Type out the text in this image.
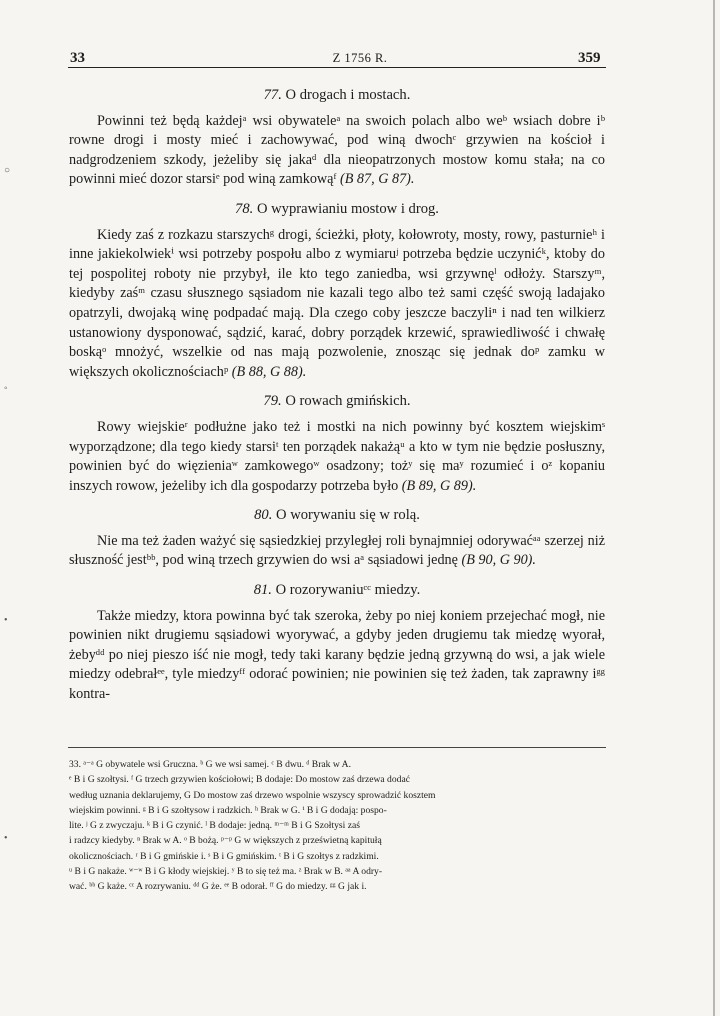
33	Z 1756 R.	359
77. O drogach i mostach.

Powinni też będą każdejᵃ wsi obywateleᵃ na swoich polach albo weᵇ wsiach dobre iᵇ rowne drogi i mosty mieć i zachowywać, pod winą dwochᶜ grzywien na kościoł i nadgrodzeniem szkody, jeżeliby się jakaᵈ dla nieopatrzonych mostow komu stała; na co powinni mieć dozor starsiᵉ pod winą zamkowąᶠ (B 87, G 87).

78. O wyprawianiu mostow i drog.

Kiedy zaś z rozkazu starszychᵍ drogi, ścieżki, płoty, kołowroty, mosty, rowy, pasturnieʰ i inne jakiekolwiekⁱ wsi potrzeby pospołu albo z wymiaruʲ potrzeba będzie uczynićᵏ, ktoby do tej pospolitej roboty nie przybył, ile kto tego zaniedba, wsi grzywnęˡ odłoży. Starszyᵐ, kiedyby zaśᵐ czasu słusznego sąsiadom nie kazali tego albo też sami część swoją ladajako opatrzyli, dwojaką winę podpadać mają. Dla czego coby jeszcze baczyliⁿ i nad ten wilkierz ustanowiony dysponować, sądzić, karać, dobry porządek krzewić, sprawiedliwość i chwałę boskąᵒ mnożyć, wszelkie od nas mają pozwolenie, znosząc się jednak doᵖ zamku w większych okolicznościachᵖ (B 88, G 88).

79. O rowach gmińskich.

Rowy wiejskieʳ podłużne jako też i mostki na nich powinny być kosztem wiejskimˢ wyporządzone; dla tego kiedy starsiᵗ ten porządek nakażąᵘ a kto w tym nie będzie posłuszny, powinien być do więzieniaʷ zamkowegoʷ osadzony; tożʸ się maʸ rozumieć i oᶻ kopaniu inszych rowow, jeżeliby ich dla gospodarzy potrzeba było (B 89, G 89).

80. O worywaniu się w rolą.

Nie ma też żaden ważyć się sąsiedzkiej przyległej roli bynajmniej odorywaćᵃᵃ szerzej niż słuszność jestᵇᵇ, pod winą trzech grzywien do wsi aᵃ sąsiadowi jednę (B 90, G 90).

81. O rozorywaniuᶜᶜ miedzy.

Także miedzy, ktora powinna być tak szeroka, żeby po niej koniem przejechać mogł, nie powinien nikt drugiemu sąsiadowi wyorywać, a gdyby jeden drugiemu tak miedzę wyorał, żebyᵈᵈ po niej pieszo iść nie mogł, tedy taki karany będzie jedną grzywną do wsi, a jak wiele miedzy odebrałᵉᵉ, tyle miedzyᶠᶠ odorać powinien; nie powinien się też żaden, tak zaprawny iᵍᵍ kontra-

33. ᵃ⁻ᵃ G obywatele wsi Gruczna. ᵇ G we wsi samej. ᶜ B dwu. ᵈ Brak w A.
ᵉ B i G szołtysi. ᶠ G trzech grzywien kościołowi; B dodaje: Do mostow zaś drzewa dodać
według uznania deklarujemy, G Do mostow zaś drzewo wspolnie wszyscy sprowadzić kosztem
wiejskim powinni. ᵍ B i G szołtysow i radzkich. ʰ Brak w G. ⁱ B i G dodają: pospo-
lite. ʲ G z zwyczaju. ᵏ B i G czynić. ˡ B dodaje: jedną. ᵐ⁻ᵐ B i G Szołtysi zaś
i radzcy kiedyby. ⁿ Brak w A. ᵒ B bożą. ᵖ⁻ᵖ G w większych z prześwietną kapitułą
okolicznościach. ʳ B i G gmińskie i. ˢ B i G gmińskim. ᵗ B i G szołtys z radzkimi.
ᵘ B i G nakaże. ʷ⁻ʷ B i G kłody wiejskiej. ʸ B to się też ma. ᶻ Brak w B. ᵃᵃ A odry-
wać. ᵇᵇ G każe. ᶜᶜ A rozrywaniu. ᵈᵈ G że. ᵉᵉ B odorał. ᶠᶠ G do miedzy. ᵍᵍ G jak i.
○
◦
•
•
